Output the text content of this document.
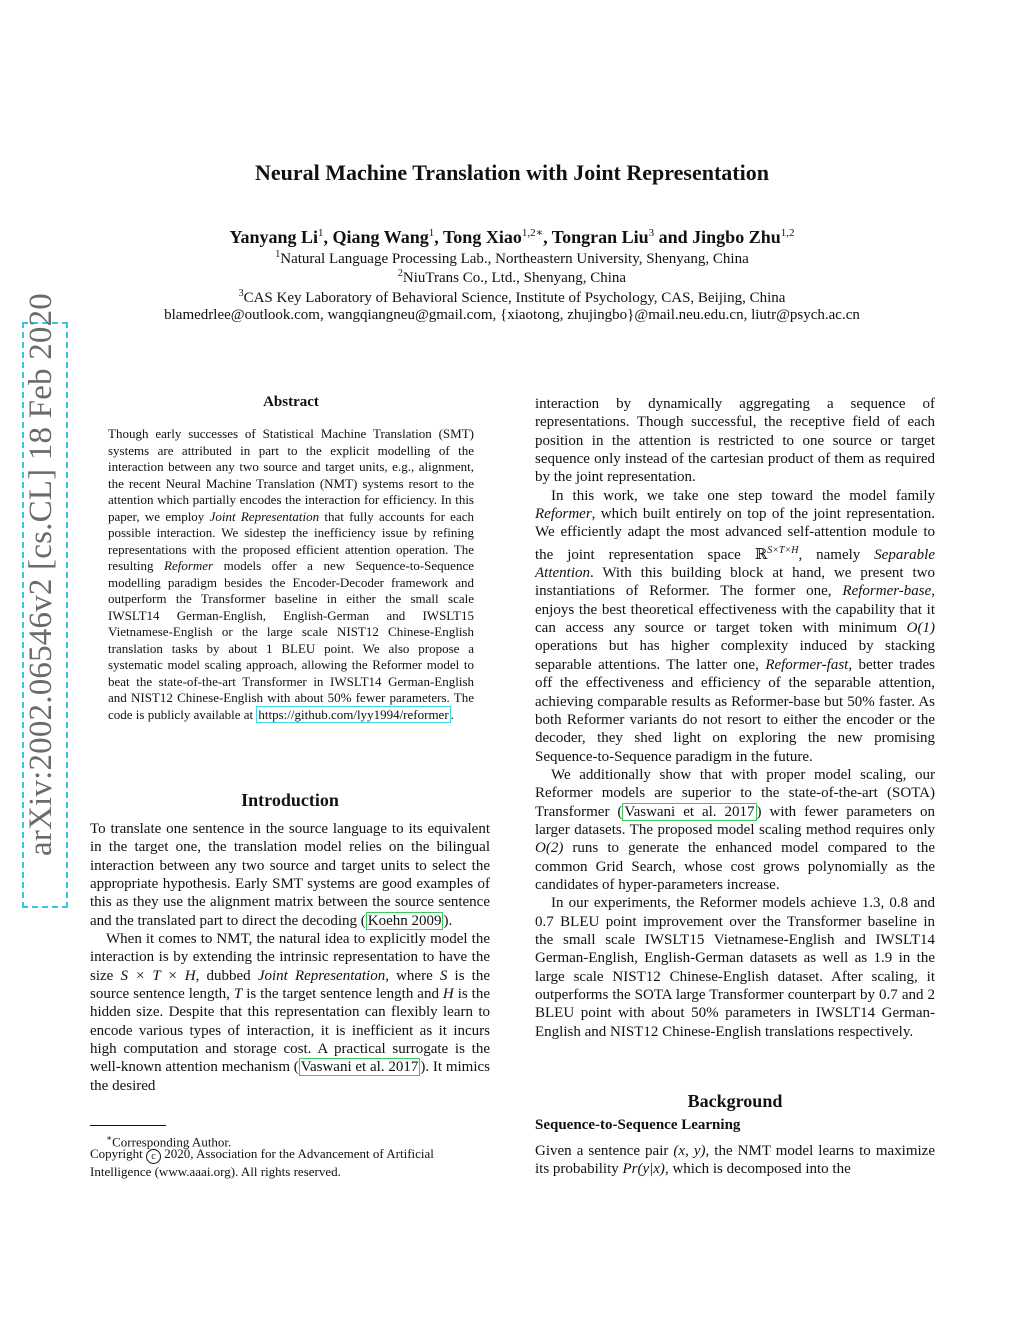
arXiv:2002.06546v2 [cs.CL] 18 Feb 2020
Neural Machine Translation with Joint Representation
Yanyang Li$^1$, Qiang Wang$^1$, Tong Xiao$^{1,2∗}$, Tongran Liu$^3$ and Jingbo Zhu$^{1,2}$
$^1$Natural Language Processing Lab., Northeastern University, Shenyang, China
$^2$NiuTrans Co., Ltd., Shenyang, China
$^3$CAS Key Laboratory of Behavioral Science, Institute of Psychology, CAS, Beijing, China
blamedrlee@outlook.com, wangqiangneu@gmail.com, {xiaotong, zhujingbo}@mail.neu.edu.cn, liutr@psych.ac.cn
Abstract
Though early successes of Statistical Machine Translation (SMT) systems are attributed in part to the explicit modelling of the interaction between any two source and target units, e.g., alignment, the recent Neural Machine Translation (NMT) systems resort to the attention which partially encodes the interaction for efficiency. In this paper, we employ Joint Representation that fully accounts for each possible interaction. We sidestep the inefficiency issue by refining representations with the proposed efficient attention operation. The resulting Reformer models offer a new Sequence-to-Sequence modelling paradigm besides the Encoder-Decoder framework and outperform the Transformer baseline in either the small scale IWSLT14 German-English, English-German and IWSLT15 Vietnamese-English or the large scale NIST12 Chinese-English translation tasks by about 1 BLEU point. We also propose a systematic model scaling approach, allowing the Reformer model to beat the state-of-the-art Transformer in IWSLT14 German-English and NIST12 Chinese-English with about 50% fewer parameters. The code is publicly available at https://github.com/lyy1994/reformer .
Introduction

To translate one sentence in the source language to its equivalent in the target one, the translation model relies on the bilingual interaction between any two source and target units to select the appropriate hypothesis. Early SMT systems are good examples of this as they use the alignment matrix between the source sentence and the translated part to direct the decoding ( Koehn 2009 ).

When it comes to NMT, the natural idea to explicitly model the interaction is by extending the intrinsic representation to have the size S × T × H, dubbed Joint Representation, where S is the source sentence length, T is the target sentence length and H is the hidden size. Despite that this representation can flexibly learn to encode various types of interaction, it is inefficient as it incurs high computation and storage cost. A practical surrogate is the well-known attention mechanism ( Vaswani et al. 2017 ). It mimics the desired

∗Corresponding Author.
Copyright c 2020, Association for the Advancement of Artificial Intelligence (www.aaai.org). All rights reserved.

interaction by dynamically aggregating a sequence of representations. Though successful, the receptive field of each position in the attention is restricted to one source or target sequence only instead of the cartesian product of them as required by the joint representation.

In this work, we take one step toward the model family Reformer, which built entirely on top of the joint representation. We efficiently adapt the most advanced self-attention module to the joint representation space ℝ$^{S\times T\times H}$, namely Separable Attention. With this building block at hand, we present two instantiations of Reformer. The former one, Reformer-base, enjoys the best theoretical effectiveness with the capability that it can access any source or target token with minimum O(1) operations but has higher complexity induced by stacking separable attentions. The latter one, Reformer-fast, better trades off the effectiveness and efficiency of the separable attention, achieving comparable results as Reformer-base but 50% faster. As both Reformer variants do not resort to either the encoder or the decoder, they shed light on exploring the new promising Sequence-to-Sequence paradigm in the future.

We additionally show that with proper model scaling, our Reformer models are superior to the state-of-the-art (SOTA) Transformer ( Vaswani et al. 2017 ) with fewer parameters on larger datasets. The proposed model scaling method requires only O(2) runs to generate the enhanced model compared to the common Grid Search, whose cost grows polynomially as the candidates of hyper-parameters increase.

In our experiments, the Reformer models achieve 1.3, 0.8 and 0.7 BLEU point improvement over the Transformer baseline in the small scale IWSLT15 Vietnamese-English and IWSLT14 German-English, English-German datasets as well as 1.9 in the large scale NIST12 Chinese-English dataset. After scaling, it outperforms the SOTA large Transformer counterpart by 0.7 and 2 BLEU point with about 50% parameters in IWSLT14 German-English and NIST12 Chinese-English translations respectively.

Background
Sequence-to-Sequence Learning

Given a sentence pair (x, y), the NMT model learns to maximize its probability Pr(y|x), which is decomposed into the
